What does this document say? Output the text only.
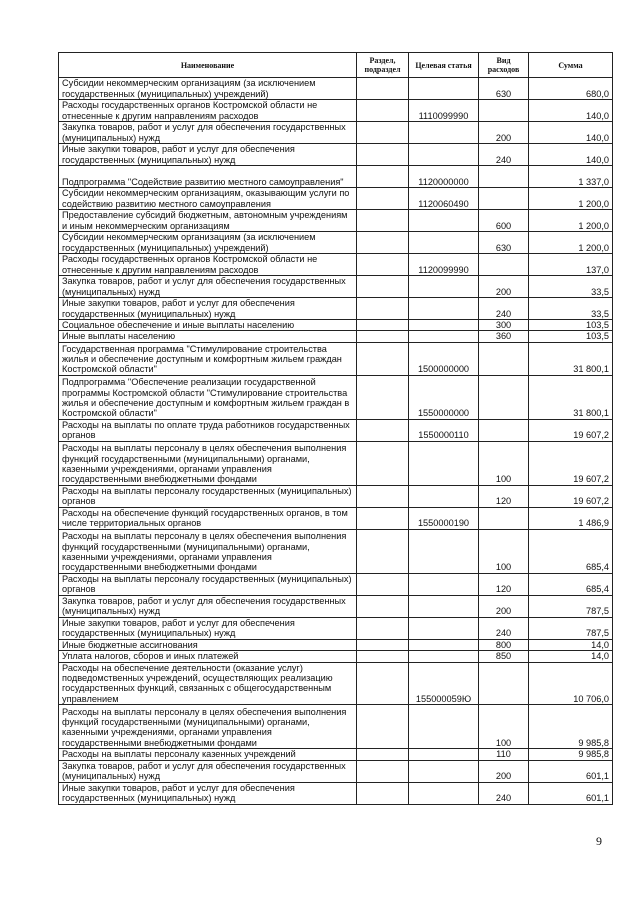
Наименование	Раздел, подраздел	Целевая статья	Вид расходов	Сумма
Субсидии некоммерческим организациям (за исключением государственных (муниципальных) учреждений)			630	680,0
Расходы государственных органов Костромской области не отнесенные к другим направлениям расходов		1110099990		140,0
Закупка товаров, работ и услуг для обеспечения государственных (муниципальных) нужд			200	140,0
Иные закупки товаров, работ и услуг для обеспечения государственных (муниципальных) нужд			240	140,0
Подпрограмма "Содействие развитию местного самоуправления"		1120000000		1 337,0
Субсидии некоммерческим организациям, оказывающим услуги по содействию развитию местного самоуправления		1120060490		1 200,0
Предоставление субсидий бюджетным, автономным учреждениям и иным некоммерческим организациям			600	1 200,0
Субсидии некоммерческим организациям (за исключением государственных (муниципальных) учреждений)			630	1 200,0
Расходы государственных органов Костромской области не отнесенные к другим направлениям расходов		1120099990		137,0
Закупка товаров, работ и услуг для обеспечения государственных (муниципальных) нужд			200	33,5
Иные закупки товаров, работ и услуг для обеспечения государственных (муниципальных) нужд			240	33,5
Социальное обеспечение и иные выплаты населению			300	103,5
Иные выплаты населению			360	103,5
Государственная программа "Стимулирование строительства жилья и обеспечение доступным и комфортным жильем граждан Костромской области"		1500000000		31 800,1
Подпрограмма "Обеспечение реализации государственной программы Костромской области "Стимулирование строительства жилья и обеспечение доступным и комфортным жильем граждан в Костромской области"		1550000000		31 800,1
Расходы на выплаты по оплате труда работников государственных органов		1550000110		19 607,2
Расходы на выплаты персоналу в целях обеспечения выполнения функций государственными (муниципальными) органами, казенными учреждениями, органами управления государственными внебюджетными фондами			100	19 607,2
Расходы на выплаты персоналу государственных (муниципальных) органов			120	19 607,2
Расходы на обеспечение функций государственных органов, в том числе территориальных органов		1550000190		1 486,9
Расходы на выплаты персоналу в целях обеспечения выполнения функций государственными (муниципальными) органами, казенными учреждениями, органами управления государственными внебюджетными фондами			100	685,4
Расходы на выплаты персоналу государственных (муниципальных) органов			120	685,4
Закупка товаров, работ и услуг для обеспечения государственных (муниципальных) нужд			200	787,5
Иные закупки товаров, работ и услуг для обеспечения государственных (муниципальных) нужд			240	787,5
Иные бюджетные ассигнования			800	14,0
Уплата налогов, сборов и иных платежей			850	14,0
Расходы на обеспечение деятельности (оказание услуг) подведомственных учреждений, осуществляющих реализацию государственных функций, связанных с общегосударственным управлением		155000059Ю		10 706,0
Расходы на выплаты персоналу в целях обеспечения выполнения функций государственными (муниципальными) органами, казенными учреждениями, органами управления государственными внебюджетными фондами			100	9 985,8
Расходы на выплаты персоналу казенных учреждений			110	9 985,8
Закупка товаров, работ и услуг для обеспечения государственных (муниципальных) нужд			200	601,1
Иные закупки товаров, работ и услуг для обеспечения государственных (муниципальных) нужд			240	601,1
9
